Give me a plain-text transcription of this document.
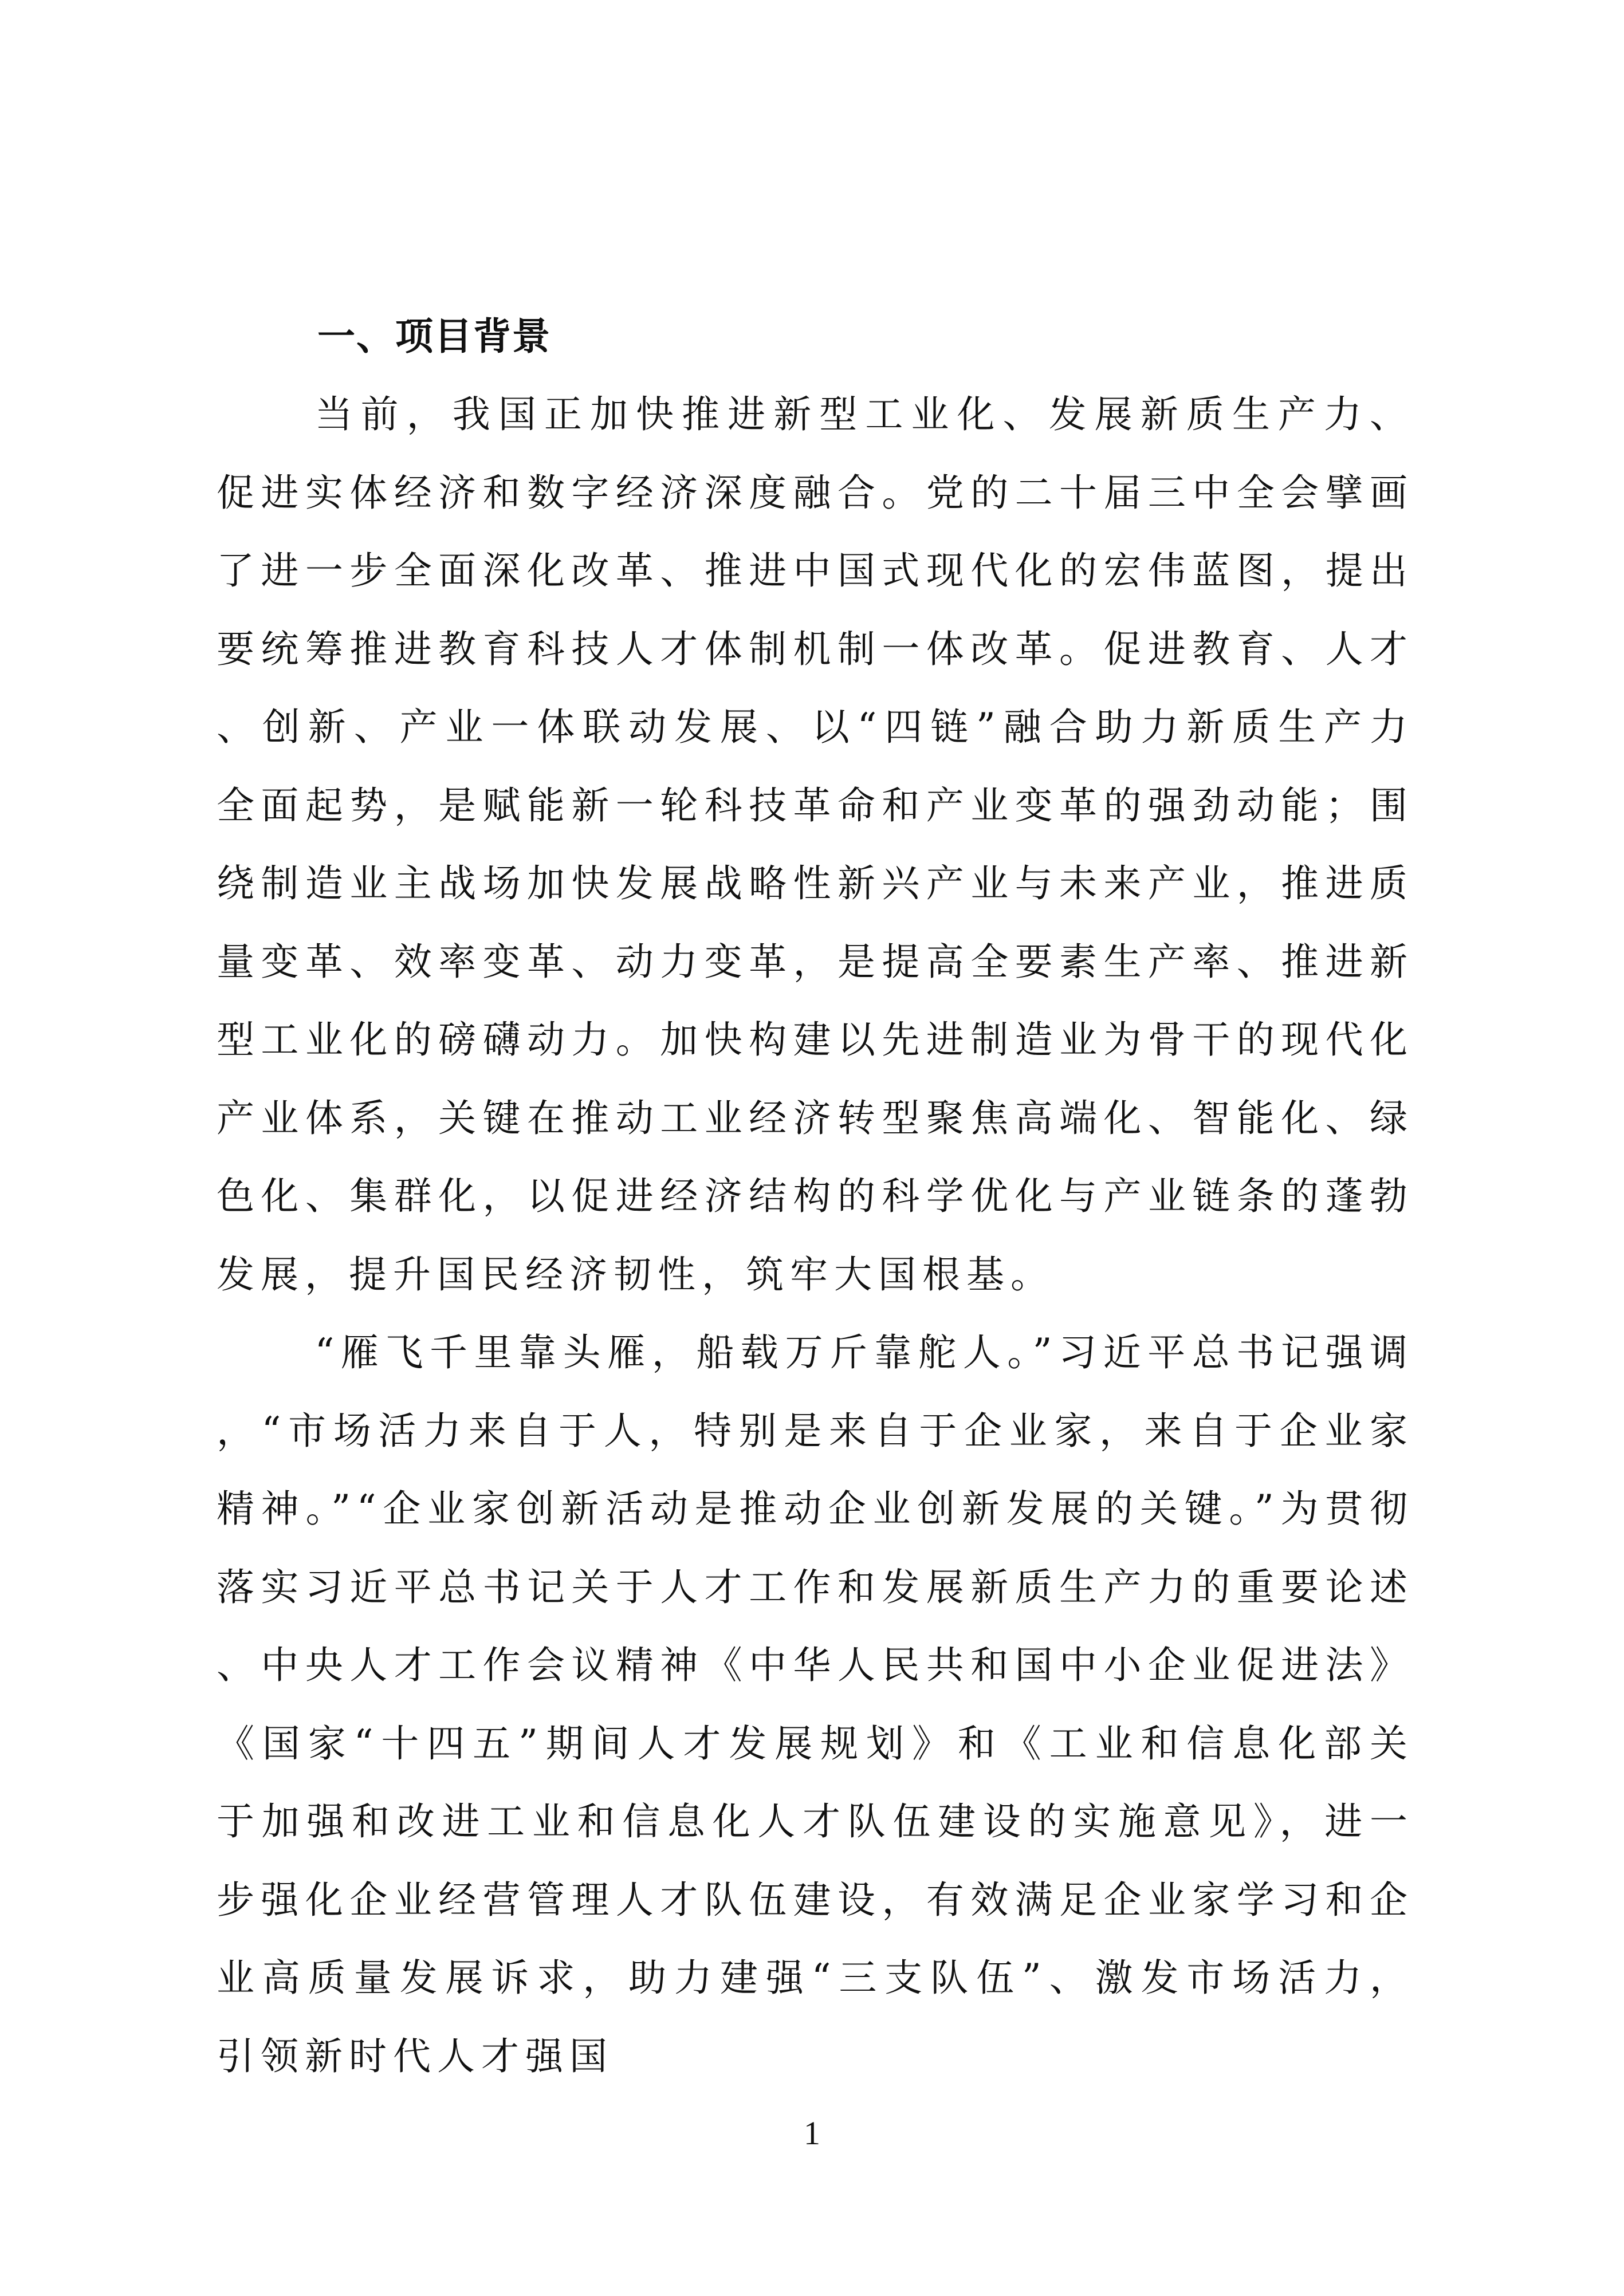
一、项目背景

当前，我国正加快推进新型工业化、发展新质生产力、促进实体经济和数字经济深度融合。党的二十届三中全会擘画了进一步全面深化改革、推进中国式现代化的宏伟蓝图，提出要统筹推进教育科技人才体制机制一体改革。促进教育、人才、创新、产业一体联动发展、以“四链”融合助力新质生产力全面起势，是赋能新一轮科技革命和产业变革的强劲动能；围绕制造业主战场加快发展战略性新兴产业与未来产业，推进质量变革、效率变革、动力变革，是提高全要素生产率、推进新型工业化的磅礴动力。加快构建以先进制造业为骨干的现代化产业体系，关键在推动工业经济转型聚焦高端化、智能化、绿色化、集群化，以促进经济结构的科学优化与产业链条的蓬勃发展，提升国民经济韧性，筑牢大国根基。

“雁飞千里靠头雁，船载万斤靠舵人。”习近平总书记强调，“市场活力来自于人，特别是来自于企业家，来自于企业家精神。”“企业家创新活动是推动企业创新发展的关键。”为贯彻落实习近平总书记关于人才工作和发展新质生产力的重要论述、中央人才工作会议精神《中华人民共和国中小企业促进法》《国家“十四五”期间人才发展规划》和《工业和信息化部关于加强和改进工业和信息化人才队伍建设的实施意见》，进一步强化企业经营管理人才队伍建设，有效满足企业家学习和企业高质量发展诉求，助力建强“三支队伍”、激发市场活力，引领新时代人才强国

1
